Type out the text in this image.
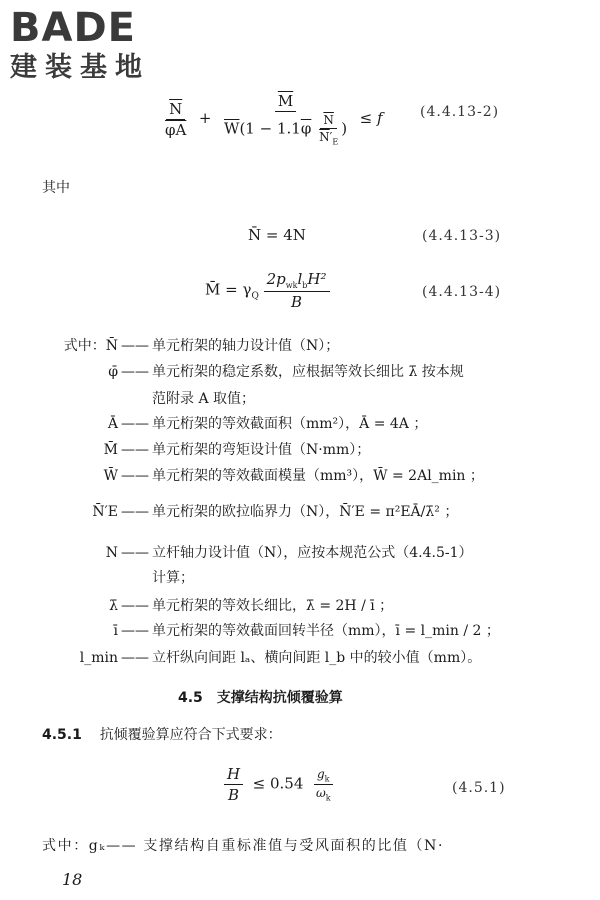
BADE
建装基地
$\frac{\overline{N}}{\overline{\varphi}\overline{A}} + \frac{\overline{M}}{\overline{W}(1 - 1.1\overline{\varphi} \frac{\overline{N}}{\overline{N}'_E} )} \le f$	(4.4.13-2)
其中
N̄ = 4N	(4.4.13-3)
M̄ = $\gamma_Q \frac{2p_{wk}l_bH^2}{B}$	(4.4.13-4)
式中：N̄ —— 单元桁架的轴力设计值（N）；
φ̄ —— 单元桁架的稳定系数，应根据等效长细比 λ̄ 按本规
范附录 A 取值；
Ā —— 单元桁架的等效截面积（mm²），Ā = 4A ；
M̄ —— 单元桁架的弯矩设计值（N·mm）；
W̄ —— 单元桁架的等效截面模量（mm³），W̄ = 2Al_min ；
N̄′E —— 单元桁架的欧拉临界力（N），N̄′E = π²EĀ/λ̄² ；
N —— 立杆轴力设计值（N），应按本规范公式（4.4.5-1）
计算；
λ̄ —— 单元桁架的等效长细比，λ̄ = 2H / ī ；
ī —— 单元桁架的等效截面回转半径（mm），ī = l_min / 2 ；
l_min —— 立杆纵向间距 lₐ、横向间距 l_b 中的较小值（mm）。
4.5　支撑结构抗倾覆验算
4.5.1 抗倾覆验算应符合下式要求：
$\frac{H}{B} \le 0.54 \frac{g_k}{\omega_k}$	(4.5.1)
式中：gₖ—— 支撑结构自重标准值与受风面积的比值（N·
18
